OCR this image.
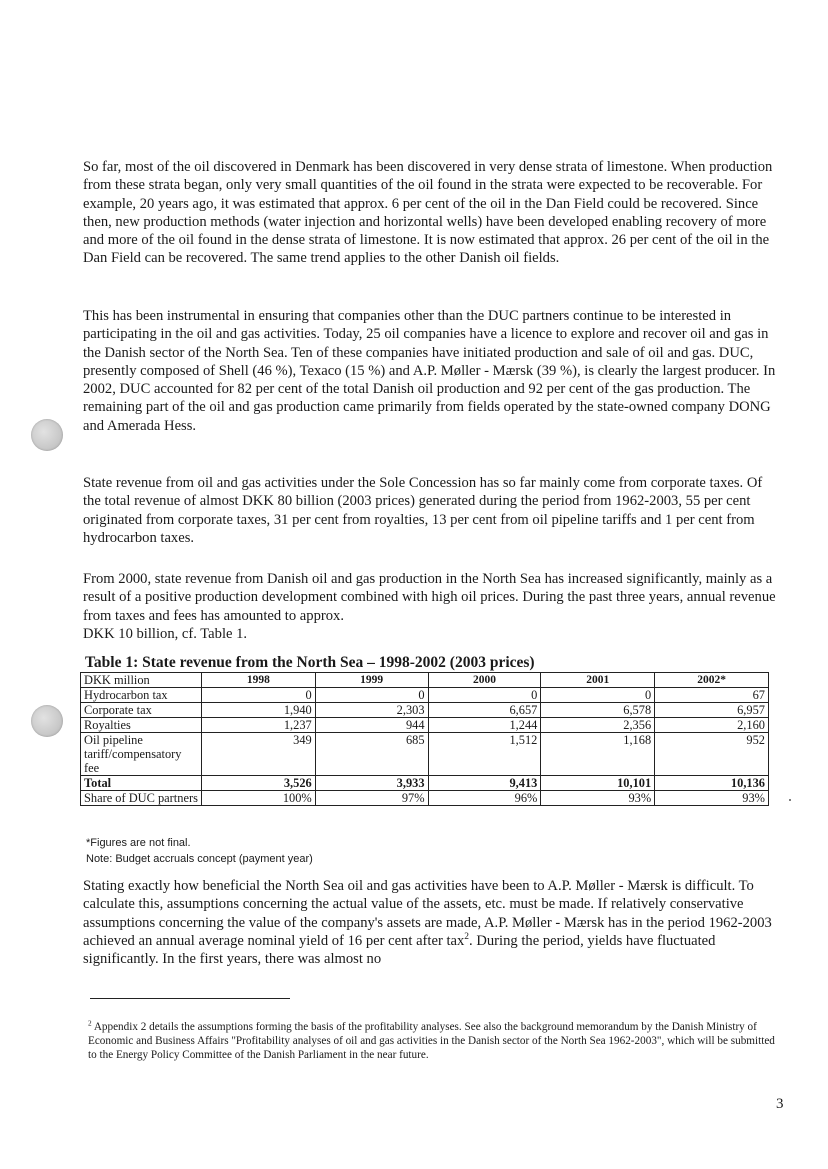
So far, most of the oil discovered in Denmark has been discovered in very dense strata of limestone. When production from these strata began, only very small quantities of the oil found in the strata were expected to be recoverable. For example, 20 years ago, it was estimated that approx. 6 per cent of the oil in the Dan Field could be recovered. Since then, new production methods (water injection and horizontal wells) have been developed enabling recovery of more and more of the oil found in the dense strata of limestone. It is now estimated that approx. 26 per cent of the oil in the Dan Field can be recovered. The same trend applies to the other Danish oil fields.

This has been instrumental in ensuring that companies other than the DUC partners continue to be interested in participating in the oil and gas activities. Today, 25 oil companies have a licence to explore and recover oil and gas in the Danish sector of the North Sea. Ten of these companies have initiated production and sale of oil and gas. DUC, presently composed of Shell (46 %), Texaco (15 %) and A.P. Møller - Mærsk (39 %), is clearly the largest producer. In 2002, DUC accounted for 82 per cent of the total Danish oil production and 92 per cent of the gas production. The remaining part of the oil and gas production came primarily from fields operated by the state-owned company DONG and Amerada Hess.

State revenue from oil and gas activities under the Sole Concession has so far mainly come from corporate taxes. Of the total revenue of almost DKK 80 billion (2003 prices) generated during the period from 1962-2003, 55 per cent originated from corporate taxes, 31 per cent from royalties, 13 per cent from oil pipeline tariffs and 1 per cent from hydrocarbon taxes.

From 2000, state revenue from Danish oil and gas production in the North Sea has increased significantly, mainly as a result of a positive production development combined with high oil prices. During the past three years, annual revenue from taxes and fees has amounted to approx.
DKK 10 billion, cf. Table 1.

Table 1: State revenue from the North Sea – 1998-2002 (2003 prices)
DKK million	1998	1999	2000	2001	2002*
Hydrocarbon tax	0	0	0	0	67
Corporate tax	1,940	2,303	6,657	6,578	6,957
Royalties	1,237	944	1,244	2,356	2,160
Oil pipeline tariff/compensatory fee	349	685	1,512	1,168	952
Total	3,526	3,933	9,413	10,101	10,136
Share of DUC partners	100%	97%	96%	93%	93%
*Figures are not final.
Note: Budget accruals concept (payment year)

Stating exactly how beneficial the North Sea oil and gas activities have been to A.P. Møller - Mærsk is difficult. To calculate this, assumptions concerning the actual value of the assets, etc. must be made. If relatively conservative assumptions concerning the value of the company's assets are made, A.P. Møller - Mærsk has in the period 1962-2003 achieved an annual average nominal yield of 16 per cent after tax$^2$. During the period, yields have fluctuated significantly. In the first years, there was almost no

$^2$ Appendix 2 details the assumptions forming the basis of the profitability analyses. See also the background memorandum by the Danish Ministry of Economic and Business Affairs "Profitability analyses of oil and gas activities in the Danish sector of the North Sea 1962-2003", which will be submitted to the Energy Policy Committee of the Danish Parliament in the near future.
3
